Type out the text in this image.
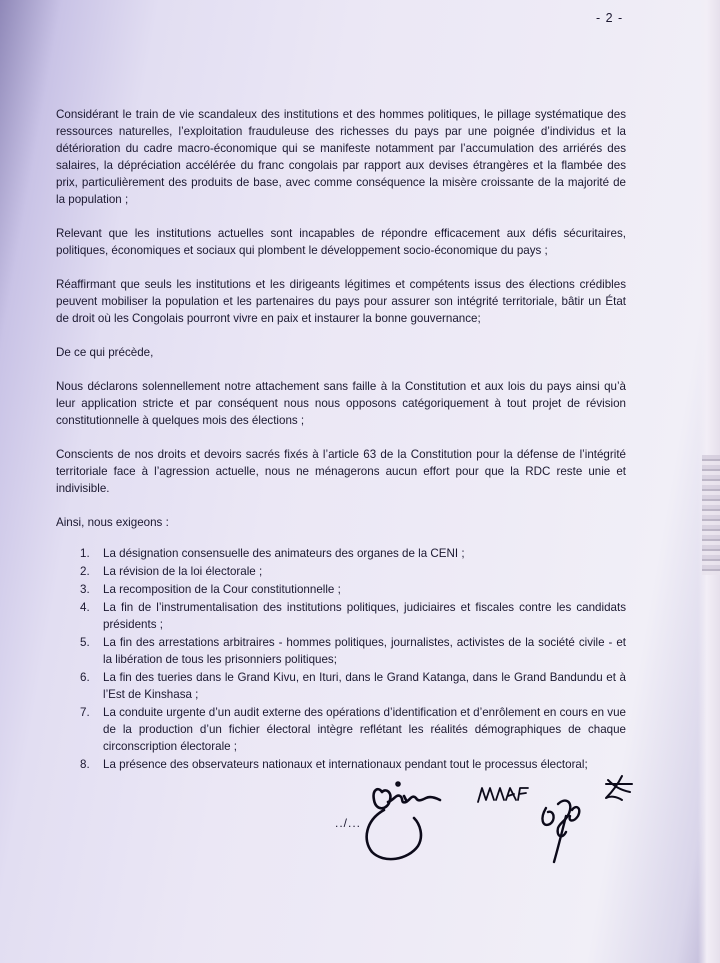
- 2 -

Considérant le train de vie scandaleux des institutions et des hommes politiques, le pillage systématique des ressources naturelles, l’exploitation frauduleuse des richesses du pays par une poignée d’individus et la détérioration du cadre macro-économique qui se manifeste notamment par l’accumulation des arriérés des salaires, la dépréciation accélérée du franc congolais par rapport aux devises étrangères et la flambée des prix, particulièrement des produits de base, avec comme conséquence la misère croissante de la majorité de la population ;

Relevant que les institutions actuelles sont incapables de répondre efficacement aux défis sécuritaires, politiques, économiques et sociaux qui plombent le développement socio-économique du pays ;

Réaffirmant que seuls les institutions et les dirigeants légitimes et compétents issus des élections crédibles peuvent mobiliser la population et les partenaires du pays pour assurer son intégrité territoriale, bâtir un État de droit où les Congolais pourront vivre en paix et instaurer la bonne gouvernance;

De ce qui précède,

Nous déclarons solennellement notre attachement sans faille à la Constitution et aux lois du pays ainsi qu’à leur application stricte et par conséquent nous nous opposons catégoriquement à tout projet de révision constitutionnelle à quelques mois des élections ;

Conscients de nos droits et devoirs sacrés fixés à l’article 63 de la Constitution pour la défense de l’intégrité territoriale face à l’agression actuelle, nous ne ménagerons aucun effort pour que la RDC reste unie et indivisible.

Ainsi, nous exigeons :

1. La désignation consensuelle des animateurs des organes de la CENI ;
2. La révision de la loi électorale ;
3. La recomposition de la Cour constitutionnelle ;
4. La fin de l’instrumentalisation des institutions politiques, judiciaires et fiscales contre les candidats présidents ;
5. La fin des arrestations arbitraires - hommes politiques, journalistes, activistes de la société civile - et la libération de tous les prisonniers politiques;
6. La fin des tueries dans le Grand Kivu, en Ituri, dans le Grand Katanga, dans le Grand Bandundu et à l’Est de Kinshasa ;
7. La conduite urgente d’un audit externe des opérations d’identification et d’enrôlement en cours en vue de la production d’un fichier électoral intègre reflétant les réalités démographiques de chaque circonscription électorale ;
8. La présence des observateurs nationaux et internationaux pendant tout le processus électoral;
../...
